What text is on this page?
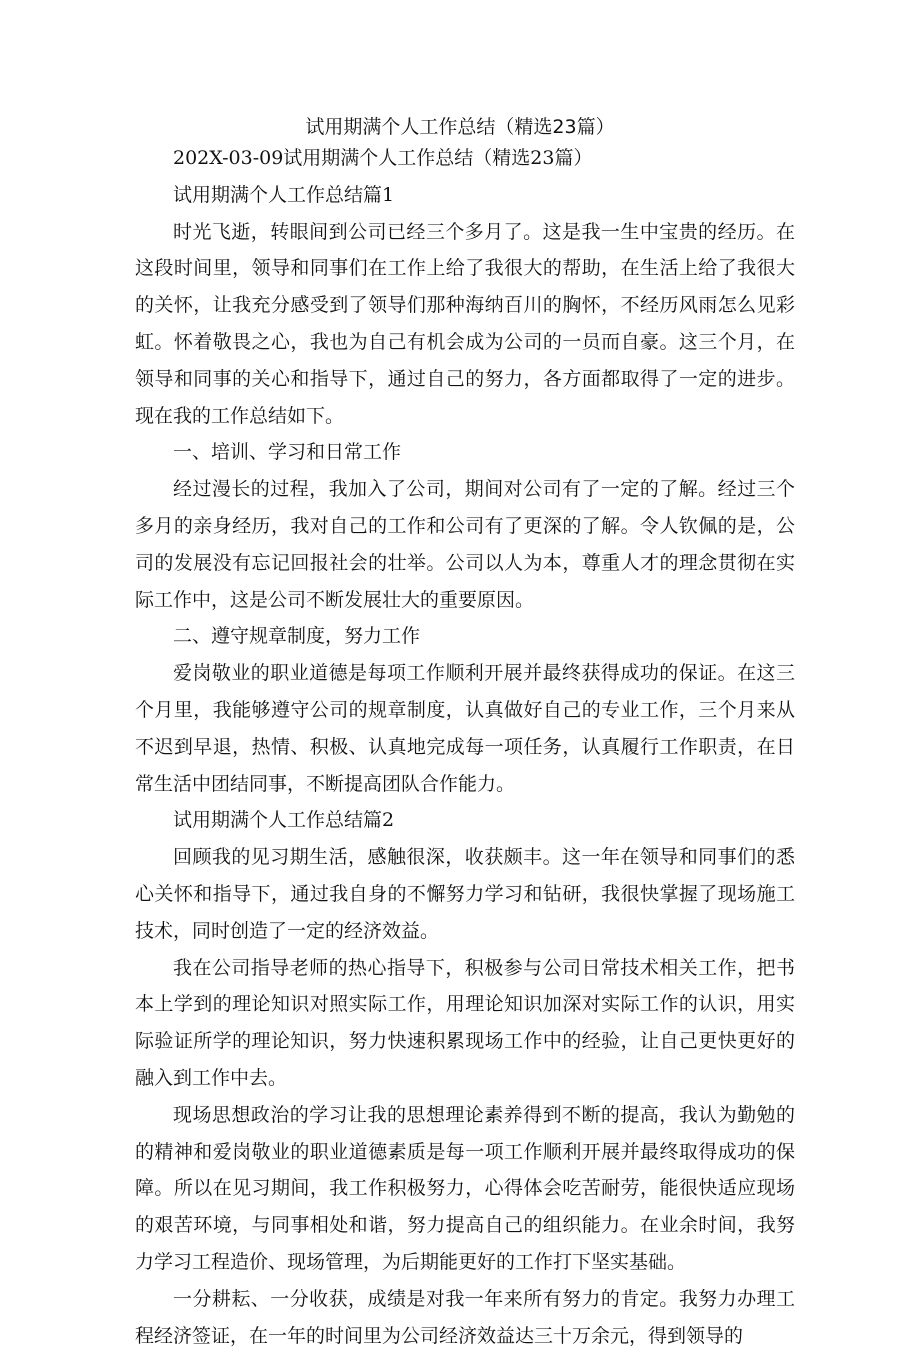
试用期满个人工作总结（精选23篇）

202X-03-09试用期满个人工作总结（精选23篇）

试用期满个人工作总结篇1

时光飞逝，转眼间到公司已经三个多月了。这是我一生中宝贵的经历。在这段时间里，领导和同事们在工作上给了我很大的帮助，在生活上给了我很大的关怀，让我充分感受到了领导们那种海纳百川的胸怀，不经历风雨怎么见彩虹。怀着敬畏之心，我也为自己有机会成为公司的一员而自豪。这三个月，在领导和同事的关心和指导下，通过自己的努力，各方面都取得了一定的进步。现在我的工作总结如下。

一、培训、学习和日常工作

经过漫长的过程，我加入了公司，期间对公司有了一定的了解。经过三个多月的亲身经历，我对自己的工作和公司有了更深的了解。令人钦佩的是，公司的发展没有忘记回报社会的壮举。公司以人为本，尊重人才的理念贯彻在实际工作中，这是公司不断发展壮大的重要原因。

二、遵守规章制度，努力工作

爱岗敬业的职业道德是每项工作顺利开展并最终获得成功的保证。在这三个月里，我能够遵守公司的规章制度，认真做好自己的专业工作，三个月来从不迟到早退，热情、积极、认真地完成每一项任务，认真履行工作职责，在日常生活中团结同事，不断提高团队合作能力。

试用期满个人工作总结篇2

回顾我的见习期生活，感触很深，收获颇丰。这一年在领导和同事们的悉心关怀和指导下，通过我自身的不懈努力学习和钻研，我很快掌握了现场施工技术，同时创造了一定的经济效益。

我在公司指导老师的热心指导下，积极参与公司日常技术相关工作，把书本上学到的理论知识对照实际工作，用理论知识加深对实际工作的认识，用实际验证所学的理论知识，努力快速积累现场工作中的经验，让自己更快更好的融入到工作中去。

现场思想政治的学习让我的思想理论素养得到不断的提高，我认为勤勉的的精神和爱岗敬业的职业道德素质是每一项工作顺利开展并最终取得成功的保障。所以在见习期间，我工作积极努力，心得体会吃苦耐劳，能很快适应现场的艰苦环境，与同事相处和谐，努力提高自己的组织能力。在业余时间，我努力学习工程造价、现场管理，为后期能更好的工作打下坚实基础。

一分耕耘、一分收获，成绩是对我一年来所有努力的肯定。我努力办理工程经济签证，在一年的时间里为公司经济效益达三十万余元，得到领导的
